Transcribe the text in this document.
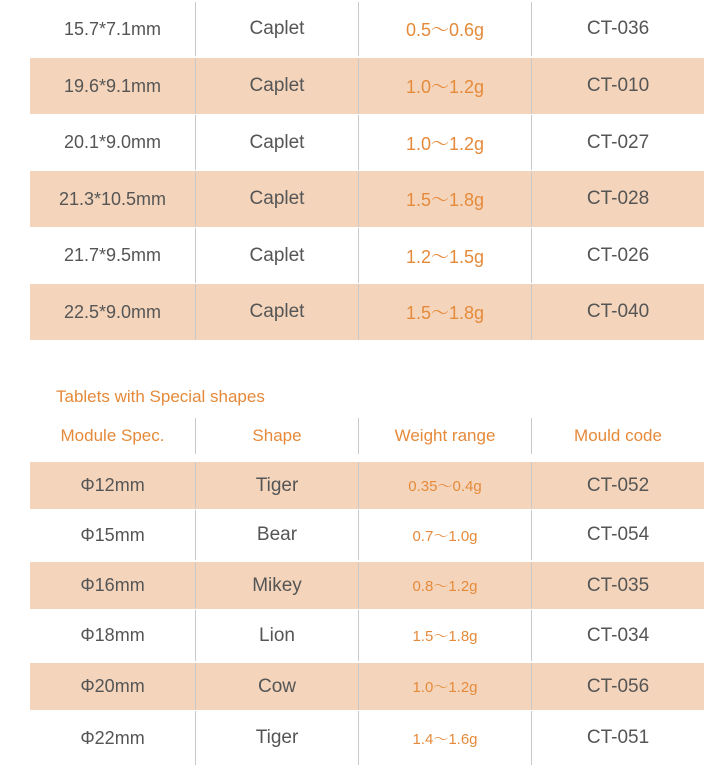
15.7*7.1mm	Caplet	0.5～0.6g	CT-036
19.6*9.1mm	Caplet	1.0～1.2g	CT-010
20.1*9.0mm	Caplet	1.0～1.2g	CT-027
21.3*10.5mm	Caplet	1.5～1.8g	CT-028
21.7*9.5mm	Caplet	1.2～1.5g	CT-026
22.5*9.0mm	Caplet	1.5～1.8g	CT-040
Tablets with Special shapes
Module Spec.	Shape	Weight range	Mould code
Φ12mm	Tiger	0.35～0.4g	CT-052
Φ15mm	Bear	0.7～1.0g	CT-054
Φ16mm	Mikey	0.8～1.2g	CT-035
Φ18mm	Lion	1.5～1.8g	CT-034
Φ20mm	Cow	1.0～1.2g	CT-056
Φ22mm	Tiger	1.4～1.6g	CT-051
